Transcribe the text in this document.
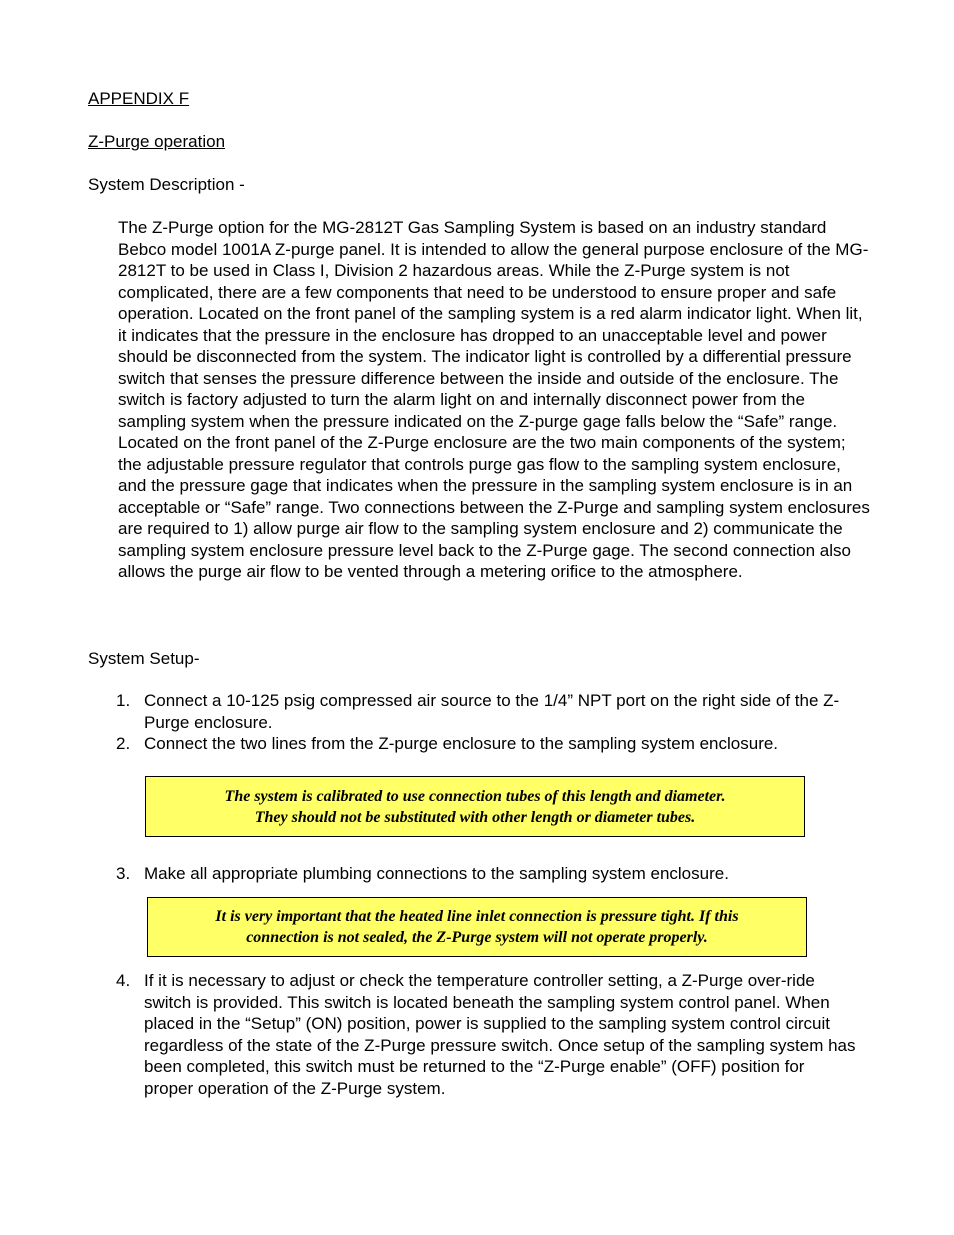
APPENDIX F
Z-Purge operation
System Description -
The Z-Purge option for the MG-2812T Gas Sampling System is based on an industry standard Bebco model 1001A Z-purge panel. It is intended to allow the general purpose enclosure of the MG-2812T to be used in Class I, Division 2 hazardous areas. While the Z-Purge system is not complicated, there are a few components that need to be understood to ensure proper and safe operation. Located on the front panel of the sampling system is a red alarm indicator light. When lit, it indicates that the pressure in the enclosure has dropped to an unacceptable level and power should be disconnected from the system. The indicator light is controlled by a differential pressure switch that senses the pressure difference between the inside and outside of the enclosure. The switch is factory adjusted to turn the alarm light on and internally disconnect power from the sampling system when the pressure indicated on the Z-purge gage falls below the “Safe” range. Located on the front panel of the Z-Purge enclosure are the two main components of the system; the adjustable pressure regulator that controls purge gas flow to the sampling system enclosure, and the pressure gage that indicates when the pressure in the sampling system enclosure is in an acceptable or “Safe” range. Two connections between the Z-Purge and sampling system enclosures are required to 1) allow purge air flow to the sampling system enclosure and 2) communicate the sampling system enclosure pressure level back to the Z-Purge gage. The second connection also allows the purge air flow to be vented through a metering orifice to the atmosphere.
System Setup-
1. Connect a 10-125 psig compressed air source to the 1/4” NPT port on the right side of the Z-Purge enclosure.
2. Connect the two lines from the Z-purge enclosure to the sampling system enclosure.
The system is calibrated to use connection tubes of this length and diameter.
They should not be substituted with other length or diameter tubes.
3. Make all appropriate plumbing connections to the sampling system enclosure.
It is very important that the heated line inlet connection is pressure tight. If this
connection is not sealed, the Z-Purge system will not operate properly.
4. If it is necessary to adjust or check the temperature controller setting, a Z-Purge over-ride switch is provided. This switch is located beneath the sampling system control panel. When placed in the “Setup” (ON) position, power is supplied to the sampling system control circuit regardless of the state of the Z-Purge pressure switch. Once setup of the sampling system has been completed, this switch must be returned to the “Z-Purge enable” (OFF) position for proper operation of the Z-Purge system.
